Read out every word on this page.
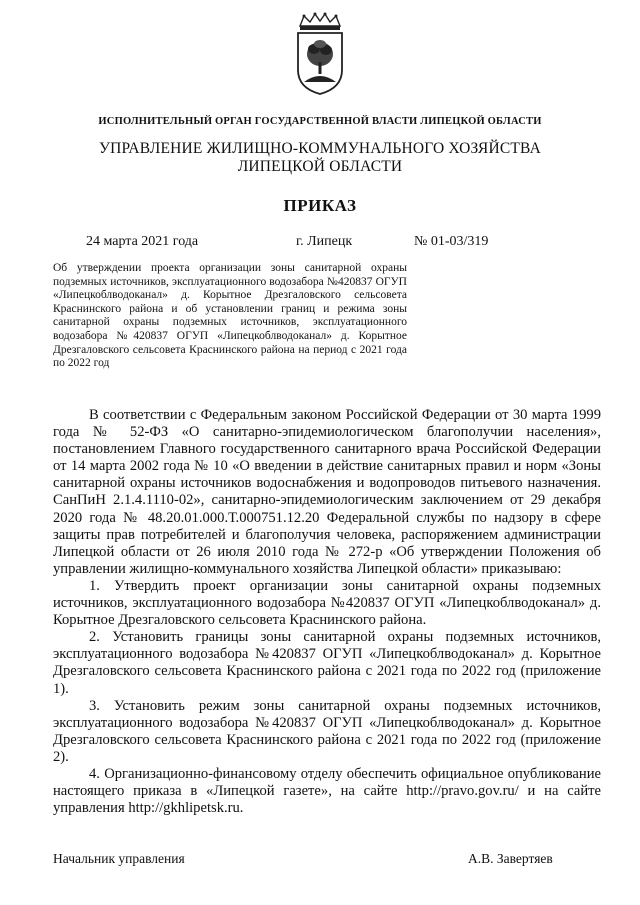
ИСПОЛНИТЕЛЬНЫЙ ОРГАН ГОСУДАРСТВЕННОЙ ВЛАСТИ ЛИПЕЦКОЙ ОБЛАСТИ
УПРАВЛЕНИЕ ЖИЛИЩНО-КОММУНАЛЬНОГО ХОЗЯЙСТВА
ЛИПЕЦКОЙ ОБЛАСТИ
ПРИКАЗ
24 марта 2021 года	г. Липецк	№ 01-03/319

Об утверждении проекта организации зоны санитарной охраны подземных источников, эксплуатационного водозабора №420837 ОГУП «Липецкоблводоканал» д. Корытное Дрезгаловского сельсовета Краснинского района и об установлении границ и режима зоны санитарной охраны подземных источников, эксплуатационного водозабора №420837 ОГУП «Липецкоблводоканал» д. Корытное Дрезгаловского сельсовета Краснинского района на период с 2021 года по 2022 год

В соответствии с Федеральным законом Российской Федерации от 30 марта 1999 года № 52-ФЗ «О санитарно-эпидемиологическом благополучии населения», постановлением Главного государственного санитарного врача Российской Федерации от 14 марта 2002 года № 10 «О введении в действие санитарных правил и норм «Зоны санитарной охраны источников водоснабжения и водопроводов питьевого назначения. СанПиН 2.1.4.1110-02», санитарно-эпидемиологическим заключением от 29 декабря 2020 года № 48.20.01.000.Т.000751.12.20 Федеральной службы по надзору в сфере защиты прав потребителей и благополучия человека, распоряжением администрации Липецкой области от 26 июля 2010 года № 272-р «Об утверждении Положения об управлении жилищно-коммунального хозяйства Липецкой области» приказываю:

1. Утвердить проект организации зоны санитарной охраны подземных источников, эксплуатационного водозабора №420837 ОГУП «Липецкоблводоканал» д. Корытное Дрезгаловского сельсовета Краснинского района.

2. Установить границы зоны санитарной охраны подземных источников, эксплуатационного водозабора №420837 ОГУП «Липецкоблводоканал» д. Корытное Дрезгаловского сельсовета Краснинского района с 2021 года по 2022 год (приложение 1).

3. Установить режим зоны санитарной охраны подземных источников, эксплуатационного водозабора №420837 ОГУП «Липецкоблводоканал» д. Корытное Дрезгаловского сельсовета Краснинского района с 2021 года по 2022 год (приложение 2).

4. Организационно-финансовому отделу обеспечить официальное опубликование настоящего приказа в «Липецкой газете», на сайте http://pravo.gov.ru/ и на сайте управления http://gkhlipetsk.ru.

Начальник управления	А.В. Завертяев
